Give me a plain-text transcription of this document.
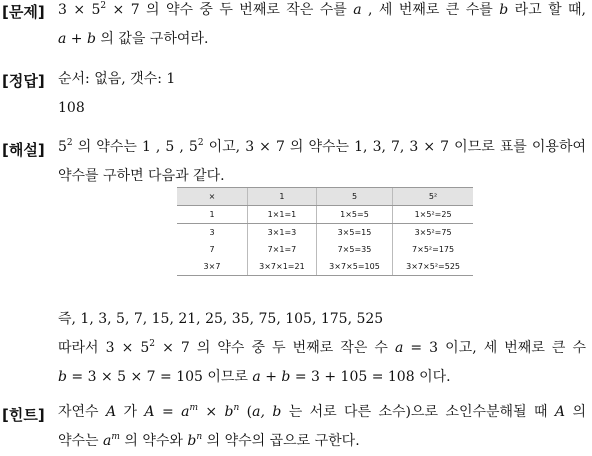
[문제] $3 \times 5^2 \times 7$ 의 약수 중 두 번째로 작은 수를 a , 세 번째로 큰 수를 b 라고 할 때,

a + b 의 값을 구하여라.

[정답] 순서: 없음, 갯수: 1

108

[해설] $5^2$ 의 약수는 1 , 5 , $5^2$ 이고, 3 × 7 의 약수는 1, 3, 7, 3 × 7 이므로 표를 이용하여

약수를 구하면 다음과 같다.

×	1	5	5²
1	1×1=1	1×5=5	1×5²=25
3	3×1=3	3×5=15	3×5²=75
7	7×1=7	7×5=35	7×5²=175
3×7	3×7×1=21	3×7×5=105	3×7×5²=525

즉, 1, 3, 5, 7, 15, 21, 25, 35, 75, 105, 175, 525

따라서 $3 \times 5^2 \times 7$ 의 약수 중 두 번째로 작은 수 a = 3 이고, 세 번째로 큰 수

b = 3 × 5 × 7 = 105 이므로 a + b = 3 + 105 = 108 이다.

[힌트] 자연수 A 가 $A = a^m \times b^n$ (a, b 는 서로 다른 소수)으로 소인수분해될 때 A 의

약수는 $a^m$ 의 약수와 $b^n$ 의 약수의 곱으로 구한다.
